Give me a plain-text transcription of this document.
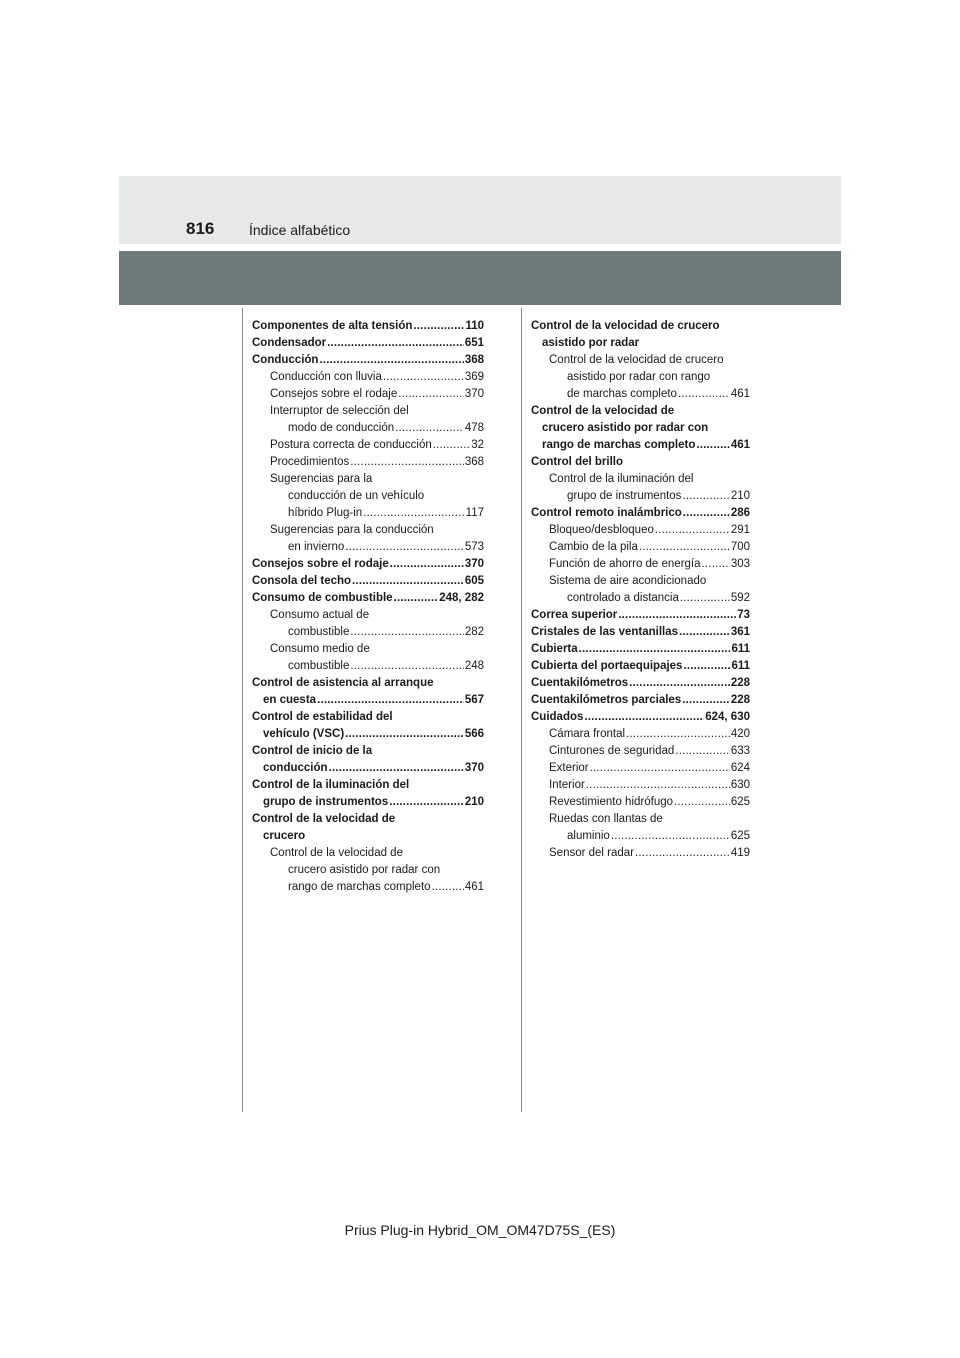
816 Índice alfabético
Componentes de alta tensión . . .	110
Condensador . . .	651
Conducción . . .	368
Conducción con lluvia . . .	369
Consejos sobre el rodaje . . .	370
Interruptor de selección del
modo de conducción . . .	478
Postura correcta de conducción . . .	32
Procedimientos . . .	368
Sugerencias para la
conducción de un vehículo
híbrido Plug-in . . .	117
Sugerencias para la conducción
en invierno . . .	573
Consejos sobre el rodaje . . .	370
Consola del techo . . .	605
Consumo de combustible . . .	248, 282
Consumo actual de
combustible . . .	282
Consumo medio de
combustible . . .	248
Control de asistencia al arranque
en cuesta . . .	567
Control de estabilidad del
vehículo (VSC) . . .	566
Control de inicio de la
conducción . . .	370
Control de la iluminación del
grupo de instrumentos . . .	210
Control de la velocidad de
crucero
Control de la velocidad de
crucero asistido por radar con
rango de marchas completo . . .	461
Control de la velocidad de crucero
asistido por radar
Control de la velocidad de crucero
asistido por radar con rango
de marchas completo . . .	461
Control de la velocidad de
crucero asistido por radar con
rango de marchas completo . . .	461
Control del brillo
Control de la iluminación del
grupo de instrumentos . . .	210
Control remoto inalámbrico . . .	286
Bloqueo/desbloqueo . . .	291
Cambio de la pila . . .	700
Función de ahorro de energía . . .	303
Sistema de aire acondicionado
controlado a distancia . . .	592
Correa superior . . .	73
Cristales de las ventanillas . . .	361
Cubierta . . .	611
Cubierta del portaequipajes . . .	611
Cuentakilómetros . . .	228
Cuentakilómetros parciales . . .	228
Cuidados . . .	624, 630
Cámara frontal . . .	420
Cinturones de seguridad . . .	633
Exterior . . .	624
Interior . . .	630
Revestimiento hidrófugo . . .	625
Ruedas con llantas de
aluminio . . .	625
Sensor del radar . . .	419
Prius Plug-in Hybrid_OM_OM47D75S_(ES)
